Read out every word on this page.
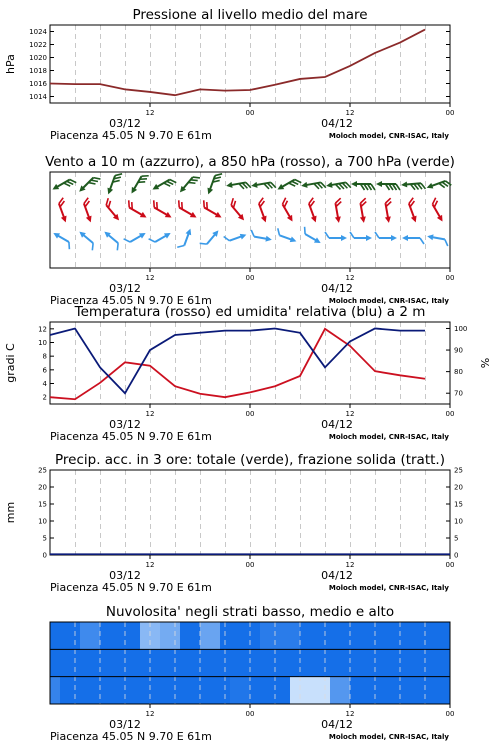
Pressione al livello medio del mare
12	00	12	00
03/12	04/12
Piacenza 45.05 N 9.70 E 61m	Moloch model, CNR-ISAC, Italy
1014
1016
1018
1020
1022
1024
hPa
Vento a 10 m (azzurro), a 850 hPa (rosso), a 700 hPa (verde)
12	00	12	00
03/12	04/12
Piacenza 45.05 N 9.70 E 61m	Moloch model, CNR-ISAC, Italy
Temperatura (rosso) ed umidita' relativa (blu) a 2 m
12	00	12	00
03/12	04/12
Piacenza 45.05 N 9.70 E 61m	Moloch model, CNR-ISAC, Italy
2
4
6
8
10
12
70
80
90
100
gradi C	%
Precip. acc. in 3 ore: totale (verde), frazione solida (tratt.)
12	00	12	00
03/12	04/12
Piacenza 45.05 N 9.70 E 61m	Moloch model, CNR-ISAC, Italy
0	0
5	5
10	10
15	15
20	20
25	25
mm
Nuvolosita' negli strati basso, medio e alto
12	00	12	00
03/12	04/12
Piacenza 45.05 N 9.70 E 61m	Moloch model, CNR-ISAC, Italy
